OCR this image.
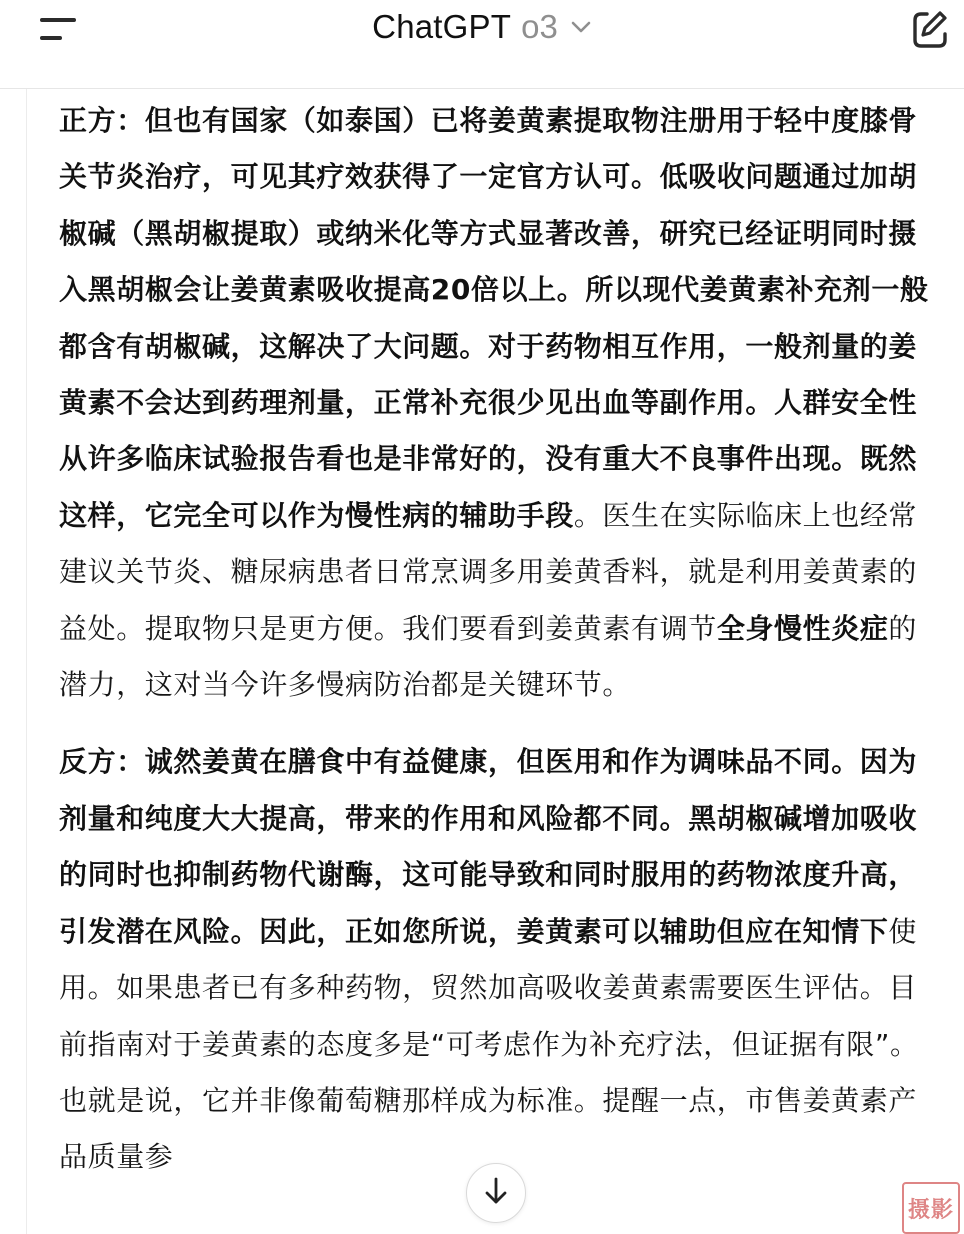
ChatGPT o3

正方：但也有国家（如泰国）已将姜黄素提取物注册用于轻中度膝骨关节炎治疗，可见其疗效获得了一定官方认可。低吸收问题通过加胡椒碱（黑胡椒提取）或纳米化等方式显著改善，研究已经证明同时摄入黑胡椒会让姜黄素吸收提高20倍以上。所以现代姜黄素补充剂一般都含有胡椒碱，这解决了大问题。对于药物相互作用，一般剂量的姜黄素不会达到药理剂量，正常补充很少见出血等副作用。人群安全性从许多临床试验报告看也是非常好的，没有重大不良事件出现。既然这样，它完全可以作为慢性病的辅助手段。医生在实际临床上也经常建议关节炎、糖尿病患者日常烹调多用姜黄香料，就是利用姜黄素的益处。提取物只是更方便。我们要看到姜黄素有调节全身慢性炎症的潜力，这对当今许多慢病防治都是关键环节。

反方：诚然姜黄在膳食中有益健康，但医用和作为调味品不同。因为剂量和纯度大大提高，带来的作用和风险都不同。黑胡椒碱增加吸收的同时也抑制药物代谢酶，这可能导致和同时服用的药物浓度升高，引发潜在风险。因此，正如您所说，姜黄素可以辅助但应在知情下使用。如果患者已有多种药物，贸然加高吸收姜黄素需要医生评估。目前指南对于姜黄素的态度多是“可考虑作为补充疗法，但证据有限”。也就是说，它并非像葡萄糖那样成为标准。提醒一点，市售姜黄素产品质量参

摄影
